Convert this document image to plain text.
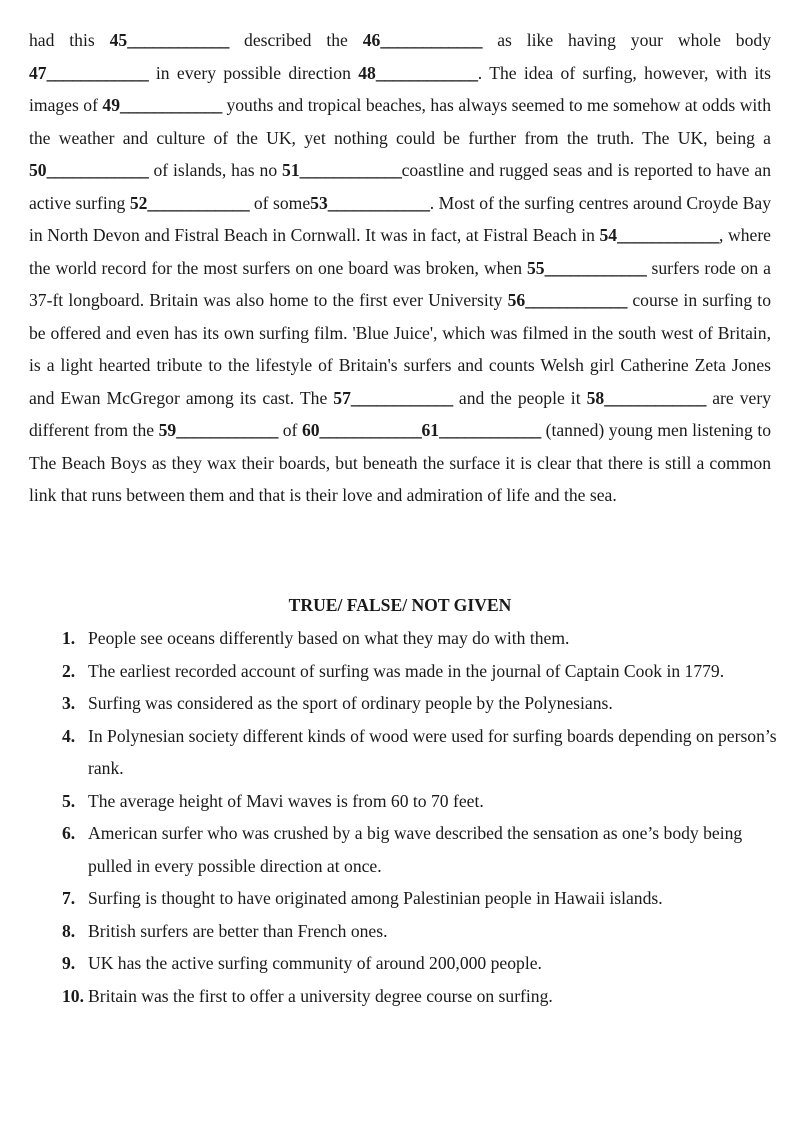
had this 45____________ described the 46____________ as like having your whole body 47____________ in every possible direction 48____________. The idea of surfing, however, with its images of 49____________ youths and tropical beaches, has always seemed to me somehow at odds with the weather and culture of the UK, yet nothing could be further from the truth. The UK, being a 50____________ of islands, has no 51____________coastline and rugged seas and is reported to have an active surfing 52____________ of some53____________. Most of the surfing centres around Croyde Bay in North Devon and Fistral Beach in Cornwall. It was in fact, at Fistral Beach in 54____________, where the world record for the most surfers on one board was broken, when 55____________ surfers rode on a 37-ft longboard. Britain was also home to the first ever University 56____________ course in surfing to be offered and even has its own surfing film. 'Blue Juice', which was filmed in the south west of Britain, is a light hearted tribute to the lifestyle of Britain's surfers and counts Welsh girl Catherine Zeta Jones and Ewan McGregor among its cast. The 57____________ and the people it 58____________ are very different from the 59____________ of 60____________61____________ (tanned) young men listening to The Beach Boys as they wax their boards, but beneath the surface it is clear that there is still a common link that runs between them and that is their love and admiration of life and the sea.
TRUE/ FALSE/ NOT GIVEN
1. People see oceans differently based on what they may do with them.
2. The earliest recorded account of surfing was made in the journal of Captain Cook in 1779.
3. Surfing was considered as the sport of ordinary people by the Polynesians.
4. In Polynesian society different kinds of wood were used for surfing boards depending on person’s rank.
5. The average height of Mavi waves is from 60 to 70 feet.
6. American surfer who was crushed by a big wave described the sensation as one’s body being pulled in every possible direction at once.
7. Surfing is thought to have originated among Palestinian people in Hawaii islands.
8. British surfers are better than French ones.
9. UK has the active surfing community of around 200,000 people.
10. Britain was the first to offer a university degree course on surfing.
